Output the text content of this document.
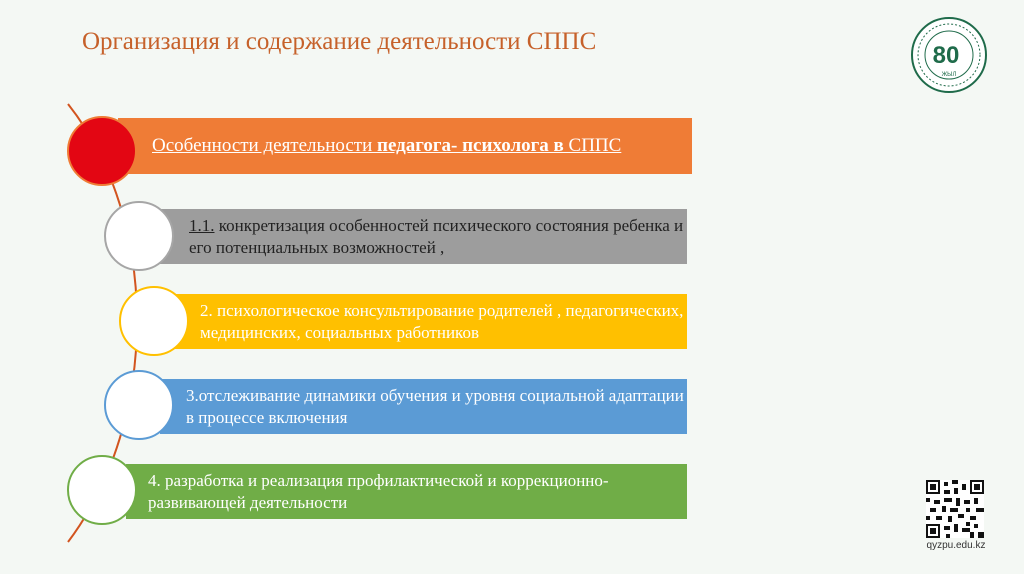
Организация и содержание деятельности СППС
80
ЖЫЛ
Особенности деятельности педагога- психолога в СППС
1.1. конкретизация особенностей психического состояния ребенка и его потенциальных возможностей ,
2. психологическое консультирование родителей , педагогических, медицинских, социальных работников
3.отслеживание динамики обучения и уровня социальной адаптации в процессе включения
4. разработка и реализация профилактической и коррекционно-развивающей деятельности
qyzpu.edu.kz
